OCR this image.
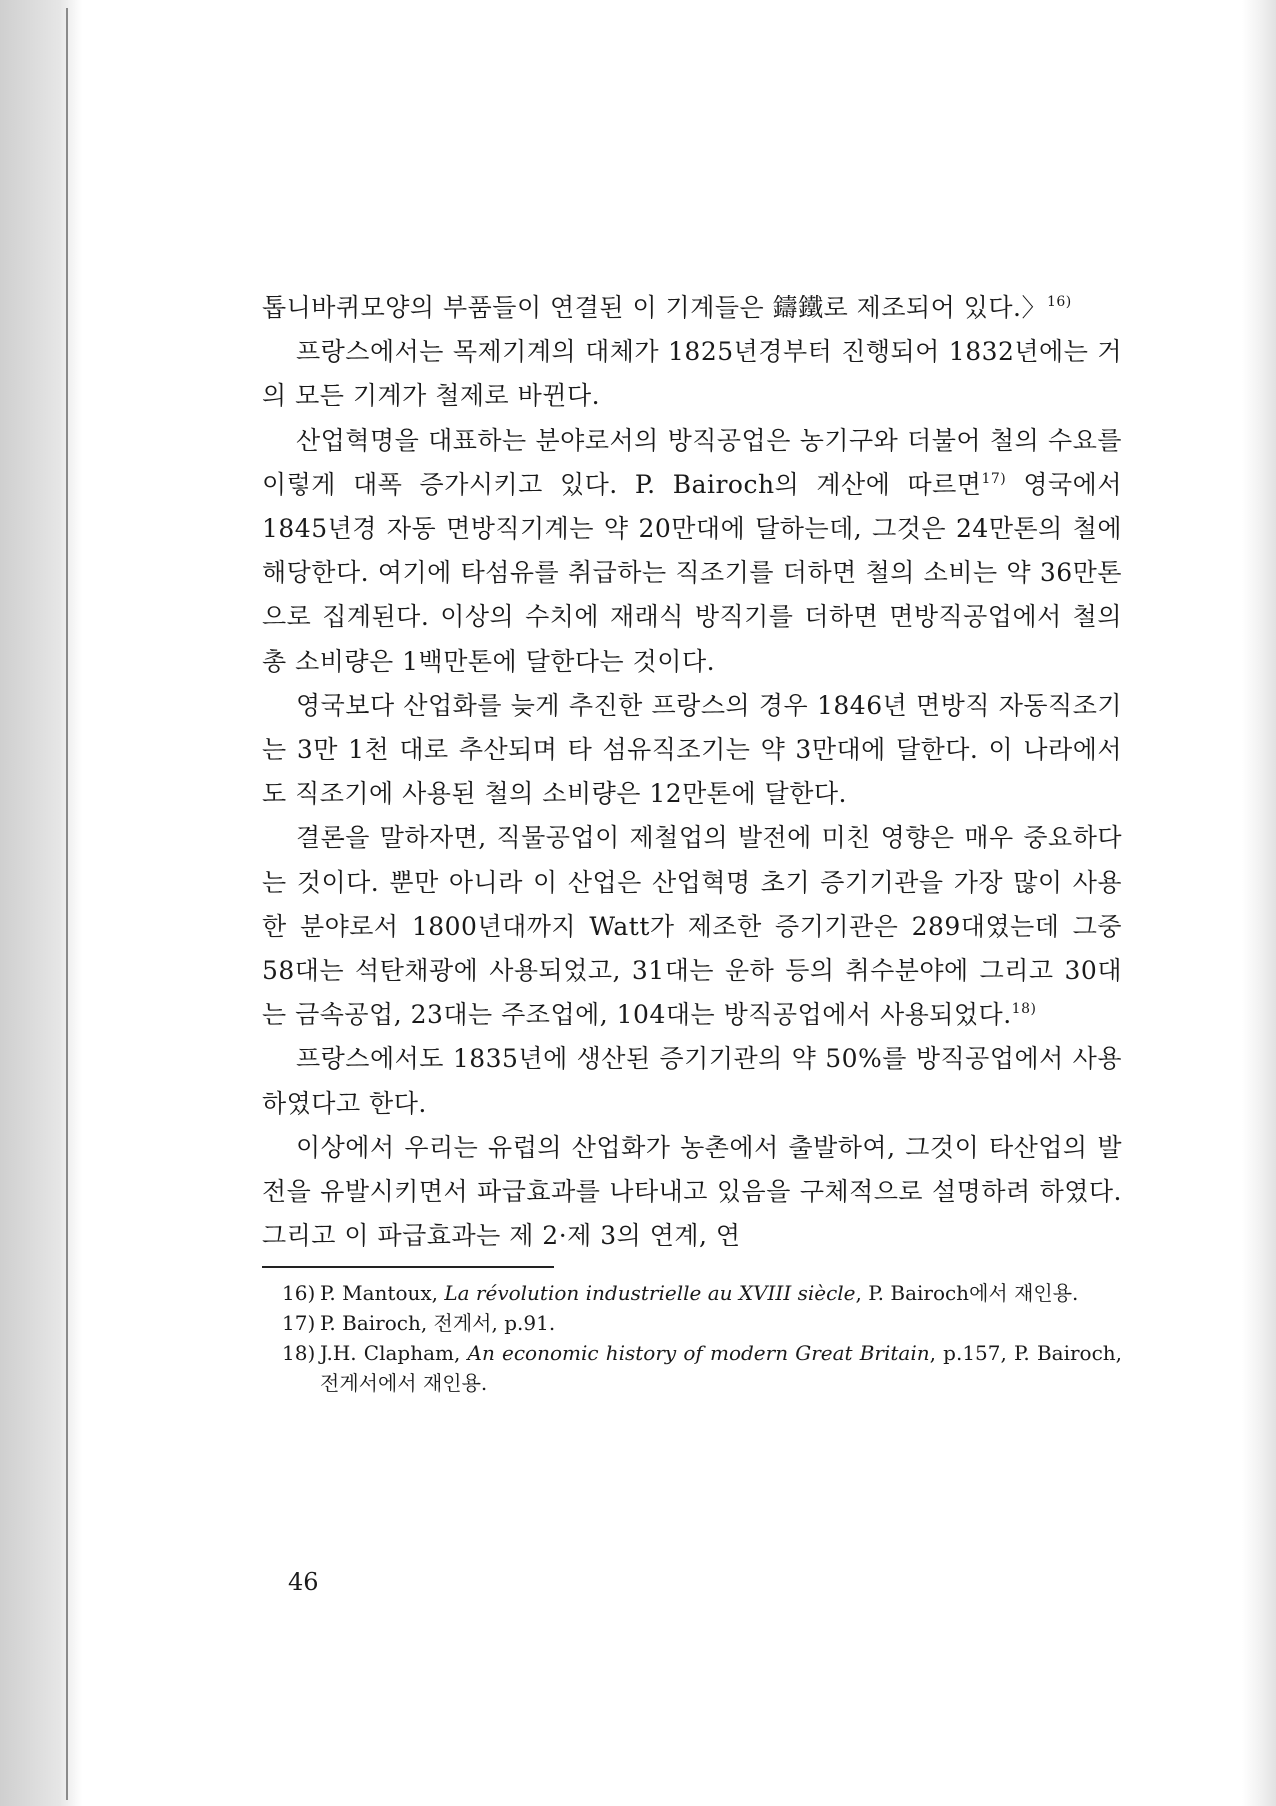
톱니바퀴모양의 부품들이 연결된 이 기계들은 鑄鐵로 제조되어 있다.〉$^{16)}$

프랑스에서는 목제기계의 대체가 1825년경부터 진행되어 1832년에는 거의 모든 기계가 철제로 바뀐다.

산업혁명을 대표하는 분야로서의 방직공업은 농기구와 더불어 철의 수요를 이렇게 대폭 증가시키고 있다. P. Bairoch의 계산에 따르면$^{17)}$ 영국에서 1845년경 자동 면방직기계는 약 20만대에 달하는데, 그것은 24만톤의 철에 해당한다. 여기에 타섬유를 취급하는 직조기를 더하면 철의 소비는 약 36만톤으로 집계된다. 이상의 수치에 재래식 방직기를 더하면 면방직공업에서 철의 총 소비량은 1백만톤에 달한다는 것이다.

영국보다 산업화를 늦게 추진한 프랑스의 경우 1846년 면방직 자동직조기는 3만 1천 대로 추산되며 타 섬유직조기는 약 3만대에 달한다. 이 나라에서도 직조기에 사용된 철의 소비량은 12만톤에 달한다.

결론을 말하자면, 직물공업이 제철업의 발전에 미친 영향은 매우 중요하다는 것이다. 뿐만 아니라 이 산업은 산업혁명 초기 증기기관을 가장 많이 사용한 분야로서 1800년대까지 Watt가 제조한 증기기관은 289대였는데 그중 58대는 석탄채광에 사용되었고, 31대는 운하 등의 취수분야에 그리고 30대는 금속공업, 23대는 주조업에, 104대는 방직공업에서 사용되었다.$^{18)}$

프랑스에서도 1835년에 생산된 증기기관의 약 50%를 방직공업에서 사용하였다고 한다.

이상에서 우리는 유럽의 산업화가 농촌에서 출발하여, 그것이 타산업의 발전을 유발시키면서 파급효과를 나타내고 있음을 구체적으로 설명하려 하였다. 그리고 이 파급효과는 제 2·제 3의 연계, 연

16) P. Mantoux, La révolution industrielle au XVIII siècle, P. Bairoch에서 재인용.
17) P. Bairoch, 전게서, p.91.
18) J.H. Clapham, An economic history of modern Great Britain, p.157, P. Bairoch, 전게서에서 재인용.
46
